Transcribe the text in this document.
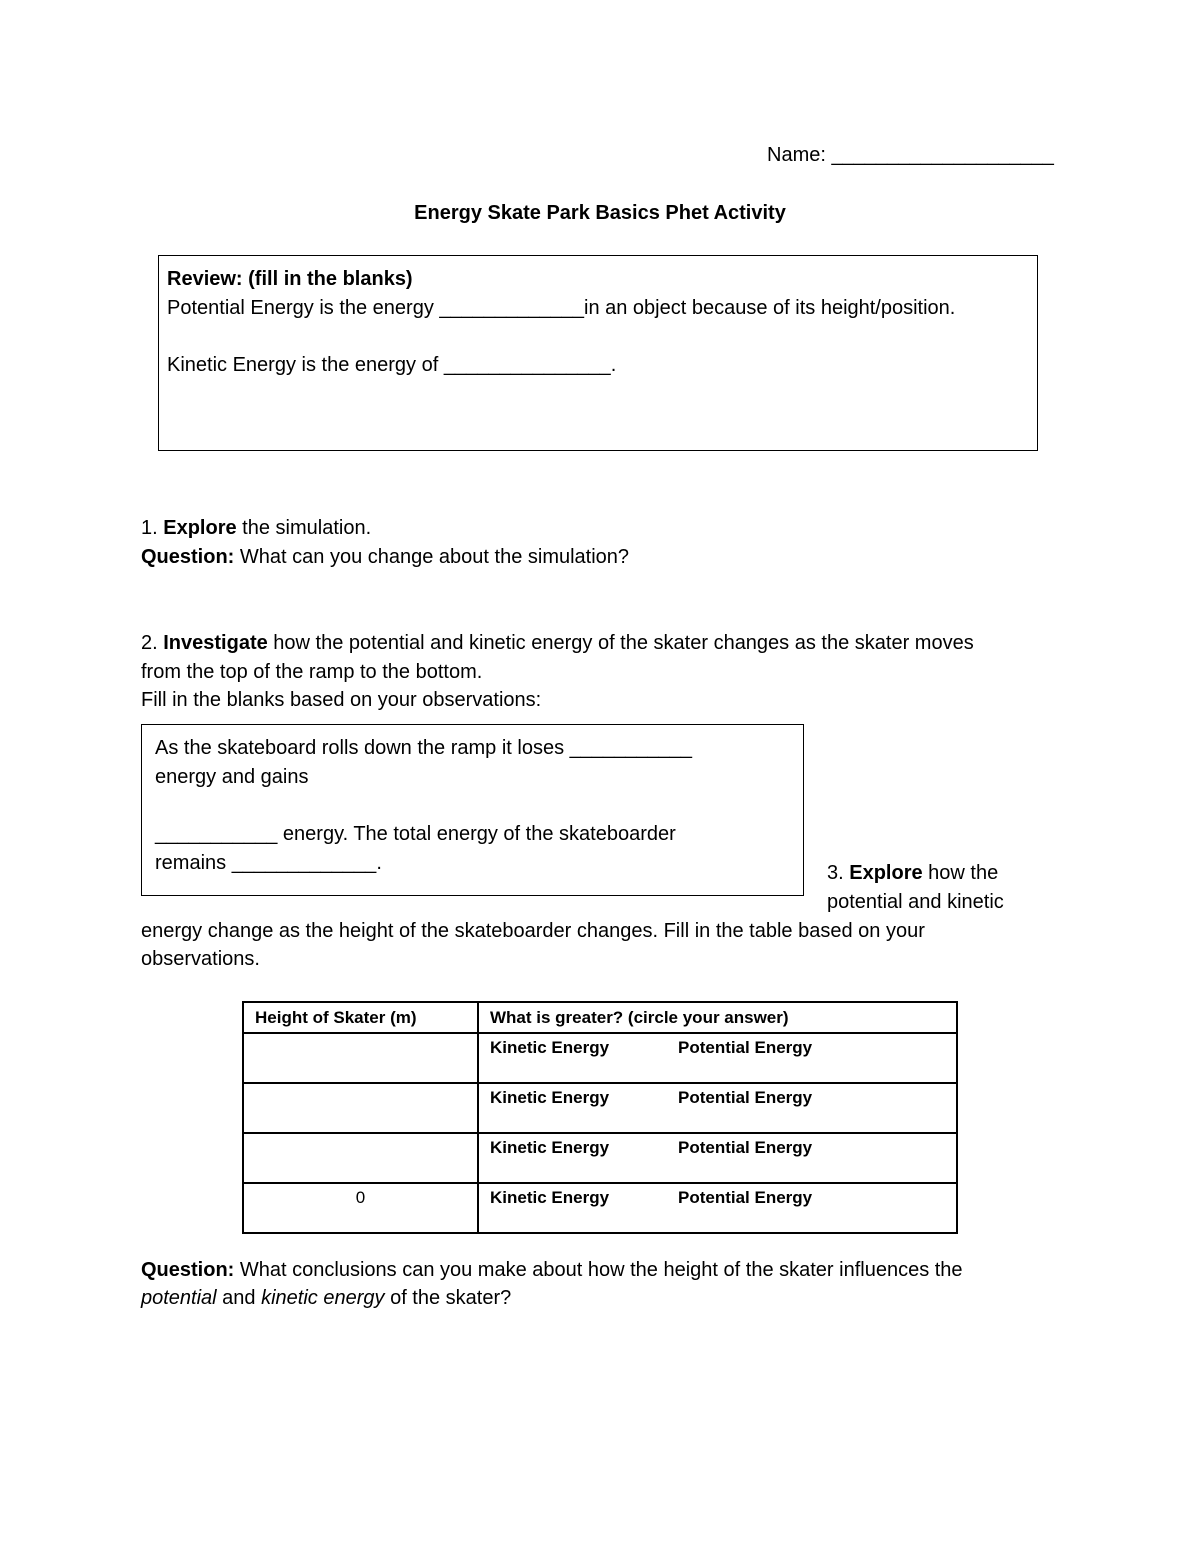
Name: ____________________
Energy Skate Park Basics Phet Activity
Review: (fill in the blanks)
Potential Energy is the energy _____________in an object because of its height/position.
Kinetic Energy is the energy of _______________.
1. Explore the simulation.
Question: What can you change about the simulation?
2. Investigate how the potential and kinetic energy of the skater changes as the skater moves
from the top of the ramp to the bottom.
Fill in the blanks based on your observations:
As the skateboard rolls down the ramp it loses ___________
energy and gains
___________ energy. The total energy of the skateboarder
remains _____________.	3. Explore how the
potential and kinetic
energy change as the height of the skateboarder changes. Fill in the table based on your
observations.
Height of Skater (m)	What is greater? (circle your answer)

	Kinetic Energy Potential Energy

	Kinetic Energy Potential Energy

	Kinetic Energy Potential Energy

0	Kinetic Energy Potential Energy
Question: What conclusions can you make about how the height of the skater influences the
potential and kinetic energy of the skater?
